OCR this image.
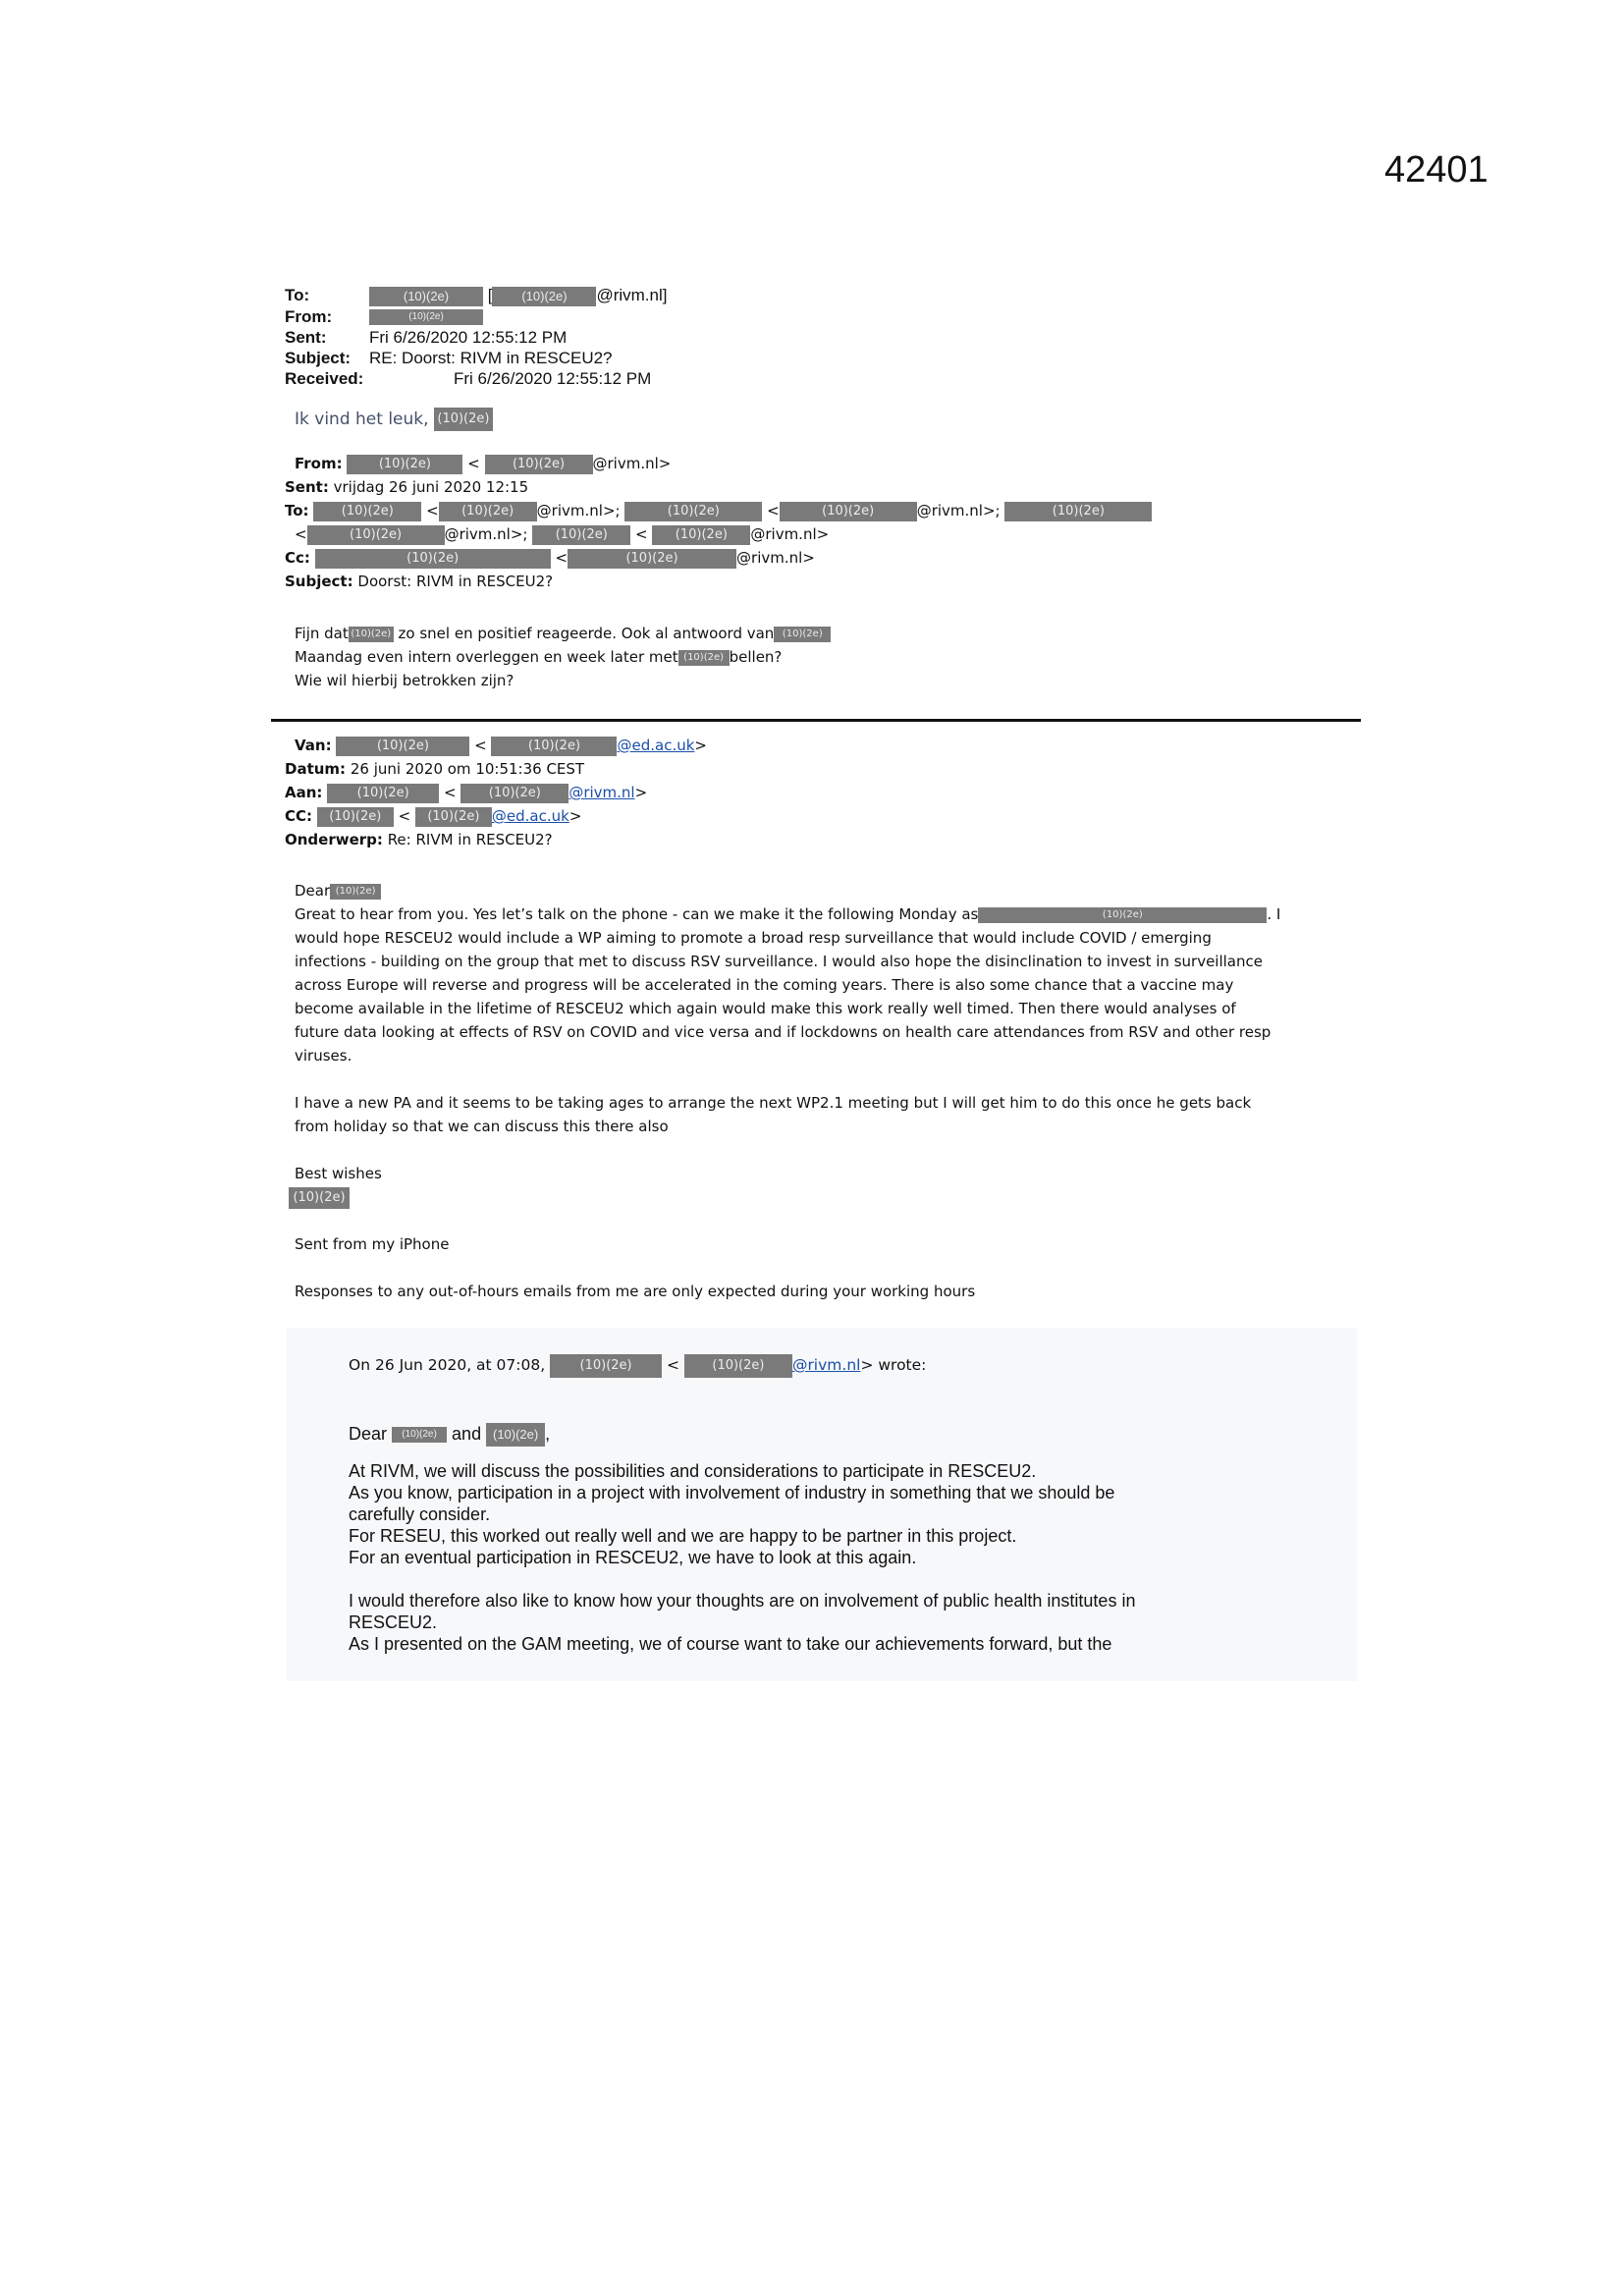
42401
To:	(10)(2e) [ (10)(2e) @rivm.nl]
From:	(10)(2e)
Sent:	Fri 6/26/2020 12:55:12 PM
Subject: RE: Doorst: RIVM in RESCEU2?
Received:	Fri 6/26/2020 12:55:12 PM
Ik vind het leuk, (10)(2e)
From:	(10)(2e) < (10)(2e) @rivm.nl>
Sent: vrijdag 26 juni 2020 12:15
To:	(10)(2e) < (10)(2e) @rivm.nl>;	(10)(2e)	<	(10)(2e)	@rivm.nl>;	(10)(2e)
<	(10)(2e)	@rivm.nl>; (10)(2e) < (10)(2e) @rivm.nl>
Cc:	(10)(2e)	<	(10)(2e)	@rivm.nl>
Subject: Doorst: RIVM in RESCEU2?
Fijn dat (10)(2e) zo snel en positief reageerde. Ook al antwoord van (10)(2e)
Maandag even intern overleggen en week later met (10)(2e) bellen?
Wie wil hierbij betrokken zijn?
Van:	(10)(2e)	<	(10)(2e) @ed.ac.uk>
Datum: 26 juni 2020 om 10:51:36 CEST
Aan:	(10)(2e) < (10)(2e) @rivm.nl>
CC: (10)(2e) < (10)(2e) @ed.ac.uk>
Onderwerp: Re: RIVM in RESCEU2?
Dear (10)(2e)
Great to hear from you. Yes let’s talk on the phone - can we make it the following Monday as	(10)(2e)	. I
would hope RESCEU2 would include a WP aiming to promote a broad resp surveillance that would include COVID / emerging
infections - building on the group that met to discuss RSV surveillance. I would also hope the disinclination to invest in surveillance
across Europe will reverse and progress will be accelerated in the coming years. There is also some chance that a vaccine may
become available in the lifetime of RESCEU2 which again would make this work really well timed. Then there would analyses of
future data looking at effects of RSV on COVID and vice versa and if lockdowns on health care attendances from RSV and other resp
viruses.
I have a new PA and it seems to be taking ages to arrange the next WP2.1 meeting but I will get him to do this once he gets back
from holiday so that we can discuss this there also
Best wishes
(10)(2e)
Sent from my iPhone
Responses to any out-of-hours emails from me are only expected during your working hours
On 26 Jun 2020, at 07:08,	(10)(2e) < (10)(2e) @rivm.nl> wrote:
Dear (10)(2e) and (10)(2e) ,
At RIVM, we will discuss the possibilities and considerations to participate in RESCEU2.
As you know, participation in a project with involvement of industry in something that we should be
carefully consider.
For RESEU, this worked out really well and we are happy to be partner in this project.
For an eventual participation in RESCEU2, we have to look at this again.
I would therefore also like to know how your thoughts are on involvement of public health institutes in
RESCEU2.
As I presented on the GAM meeting, we of course want to take our achievements forward, but the
